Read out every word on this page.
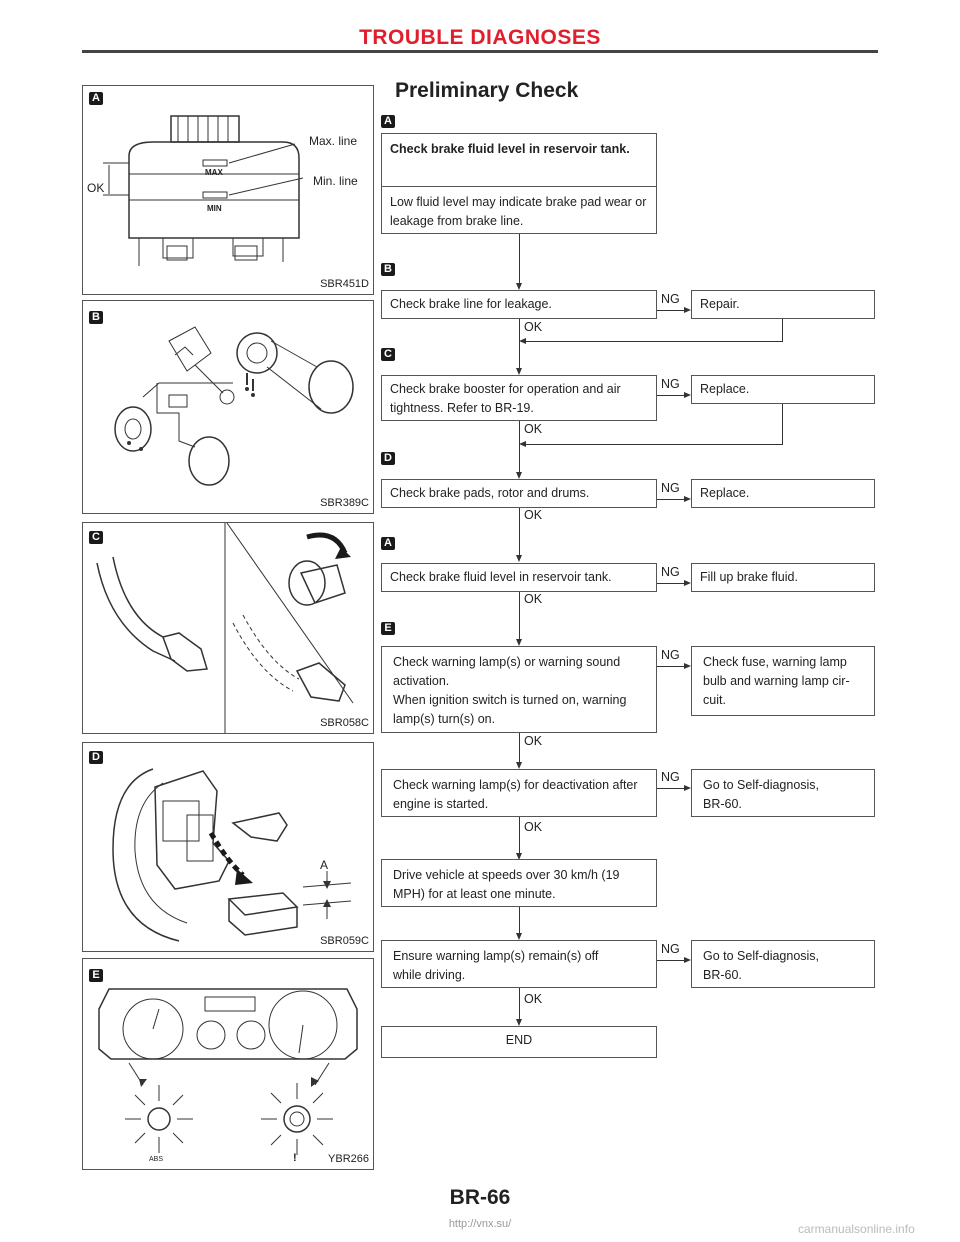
TROUBLE DIAGNOSES
Preliminary Check
A
Max. line
Min. line
OK
MAX
MIN
SBR451D
B
SBR389C
C
SBR058C
D
A
SBR059C
E
ABS	!	YBR266
A
Check brake fluid level in reservoir tank.
Low fluid level may indicate brake pad wear or leakage from brake line.
B
Check brake line for leakage.	NG	Repair.
OK
C
Check brake booster for operation and air tightness. Refer to BR-19.
NG	Replace.
OK
D
Check brake pads, rotor and drums.	NG	Replace.
OK
A
Check brake fluid level in reservoir tank.	NG	Fill up brake fluid.
OK
E
Check warning lamp(s) or warning sound activation.
When ignition switch is turned on, warning lamp(s) turn(s) on.
NG	Check fuse, warning lamp bulb and warning lamp cir-cuit.
OK
Check warning lamp(s) for deactivation after engine is started.
NG
Go to Self-diagnosis, BR-60.
OK
Drive vehicle at speeds over 30 km/h (19 MPH) for at least one minute.
Ensure warning lamp(s) remain(s) off while driving.
NG	Go to Self-diagnosis, BR-60.
OK
END
BR-66
http://vnx.su/	carmanualsonline.info
